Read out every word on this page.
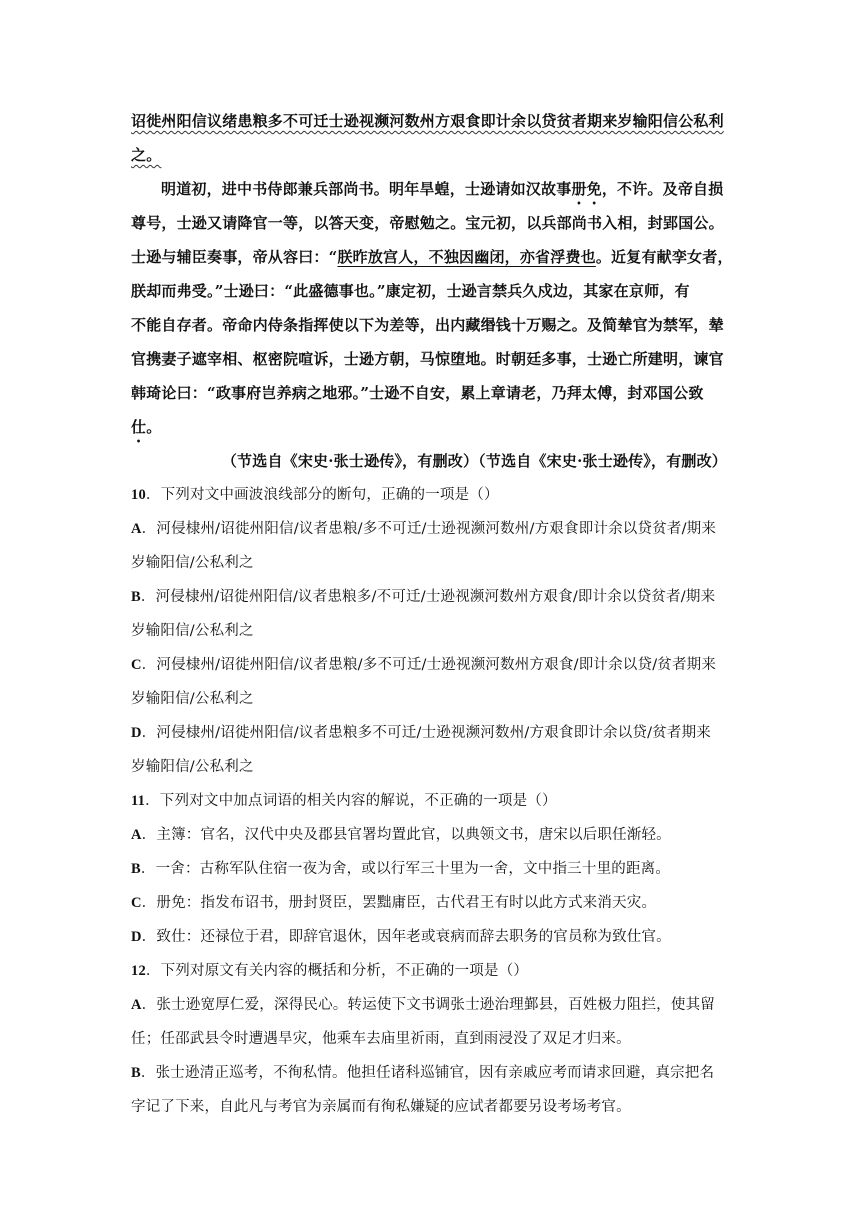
诏徙州阳信议绪患粮多不可迁士逊视濒河数州方艰食即计余以贷贫者期来岁输阳信公私利
之。
明道初，进中书侍郎兼兵部尚书。明年旱蝗，士逊请如汉故事册免，不许。及帝自损
尊号，士逊又请降官一等，以答天变，帝慰勉之。宝元初，以兵部尚书入相，封郢国公。
士逊与辅臣奏事，帝从容曰：“朕昨放宫人，不独因幽闭，亦省浮费也。近复有献孪女者，
朕却而弗受。”士逊曰：“此盛德事也。”康定初，士逊言禁兵久戍边，其家在京师，有
不能自存者。帝命内侍条指挥使以下为差等，出内藏缗钱十万赐之。及简辇官为禁军，辇
官携妻子遮宰相、枢密院喧诉，士逊方朝，马惊堕地。时朝廷多事，士逊亡所建明，谏官
韩琦论曰：“政事府岂养病之地邪。”士逊不自安，累上章请老，乃拜太傅，封邓国公致
仕。
（节选自《宋史·张士逊传》，有删改）（节选自《宋史·张士逊传》，有删改）
10．下列对文中画波浪线部分的断句，正确的一项是（）
A．河侵棣州/诏徙州阳信/议者患粮/多不可迁/士逊视濒河数州/方艰食即计余以贷贫者/期来
岁输阳信/公私利之
B．河侵棣州/诏徙州阳信/议者患粮多/不可迁/士逊视濒河数州方艰食/即计余以贷贫者/期来
岁输阳信/公私利之
C．河侵棣州/诏徙州阳信/议者患粮/多不可迁/士逊视濒河数州方艰食/即计余以贷/贫者期来
岁输阳信/公私利之
D．河侵棣州/诏徙州阳信/议者患粮多不可迁/士逊视濒河数州/方艰食即计余以贷/贫者期来
岁输阳信/公私利之
11．下列对文中加点词语的相关内容的解说，不正确的一项是（）
A．主簿：官名，汉代中央及郡县官署均置此官，以典领文书，唐宋以后职任渐轻。
B．一舍：古称军队住宿一夜为舍，或以行军三十里为一舍，文中指三十里的距离。
C．册免：指发布诏书，册封贤臣，罢黜庸臣，古代君王有时以此方式来消天灾。
D．致仕：还禄位于君，即辞官退休，因年老或衰病而辞去职务的官员称为致仕官。
12．下列对原文有关内容的概括和分析，不正确的一项是（）
A．张士逊宽厚仁爱，深得民心。转运使下文书调张士逊治理鄞县，百姓极力阻拦，使其留
任；任邵武县令时遭遇旱灾，他乘车去庙里祈雨，直到雨浸没了双足才归来。
B．张士逊清正巡考，不徇私情。他担任诸科巡铺官，因有亲戚应考而请求回避，真宗把名
字记了下来，自此凡与考官为亲属而有徇私嫌疑的应试者都要另设考场考官。
